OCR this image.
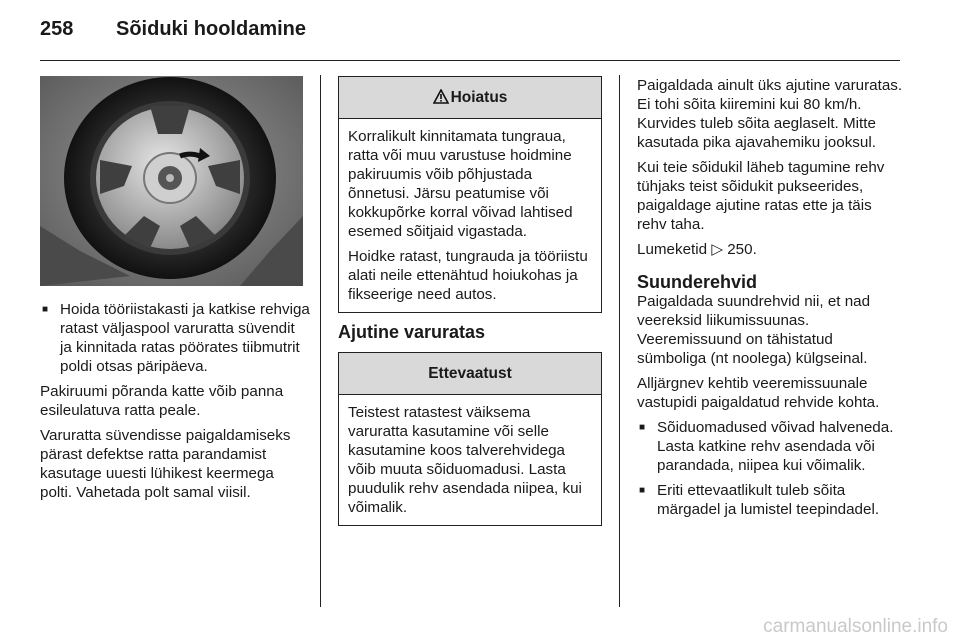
258 Sõiduki hooldamine
■ Hoida tööriistakasti ja katkise rehviga ratast väljaspool varuratta süvendit ja kinnitada ratas pöörates tiibmutrit poldi otsas päripäeva.

Pakiruumi põranda katte võib panna esileulatuva ratta peale.

Varuratta süvendisse paigaldamiseks pärast defektse ratta parandamist kasutage uuesti lühikest keermega polti. Vahetada polt samal viisil.

Hoiatus

Korralikult kinnitamata tungraua, ratta või muu varustuse hoidmine pakiruumis võib põhjustada õnnetusi. Järsu peatumise või kokkupõrke korral võivad lahtised esemed sõitjaid vigastada.

Hoidke ratast, tungrauda ja tööriistu alati neile ettenähtud hoiukohas ja fikseerige need autos.

Ajutine varuratas
Ettevaatust

Teistest ratastest väiksema varuratta kasutamine või selle kasutamine koos talverehvidega võib muuta sõiduomadusi. Lasta puudulik rehv asendada niipea, kui võimalik.

Paigaldada ainult üks ajutine varuratas. Ei tohi sõita kiiremini kui 80 km/h. Kurvides tuleb sõita aeglaselt. Mitte kasutada pika ajavahemiku jooksul.

Kui teie sõidukil läheb tagumine rehv tühjaks teist sõidukit pukseerides, paigaldage ajutine ratas ette ja täis rehv taha.

Lumeketid ▷ 250.

Suunderehvid

Paigaldada suundrehvid nii, et nad veereksid liikumissuunas. Veeremissuund on tähistatud sümboliga (nt noolega) külgseinal.

Alljärgnev kehtib veeremissuunale vastupidi paigaldatud rehvide kohta.

■ Sõiduomadused võivad halveneda. Lasta katkine rehv asendada või parandada, niipea kui võimalik.
■ Eriti ettevaatlikult tuleb sõita märgadel ja lumistel teepindadel.
carmanualsonline.info
